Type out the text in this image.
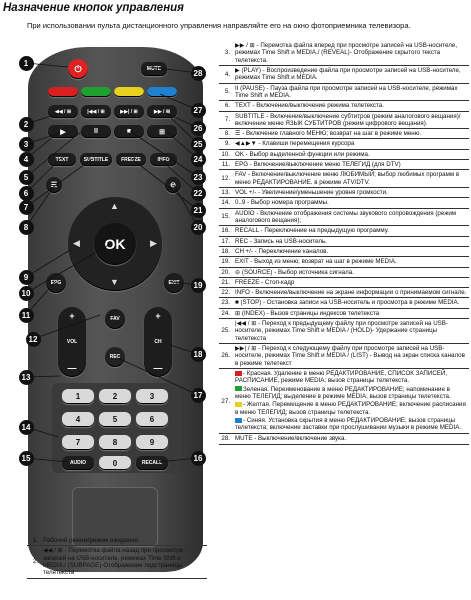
Назначение кнопок управления
При использовании пульта дистанционного управления направляйте его на окно фотоприемника телевизора.
⏻	MUTE
◀◀ / ⊞	|◀◀ / ⊞	▶▶| / ⊞	▶▶ / ⊞
▶	II	■	⊞
TEXT	SUBTITLE	FREEZE	INFO
☰	⊖
▲
▼
◀	▶
OK
EPG	EXIT
+
VOL
—
FAV	+
CH
—
REC
1	2	3
4	5	6
7	8	9
AUDIO	0	RECALL
1
2
3
4
5
6
7
8
9
10
11
12
13
14
15	16
17
18
19
20
21
22
23
24
25
26
27
28
3.	▶▶ / ⊞ - Перемотка файла вперед при просмотре записей на USB-носителе, режимах Time Shift и MEDIA./ (REVEAL)- Отображение скрытого текста телетекста.
4.	▶ (PLAY) - Воспроизведение файла при просмотре записей на USB-носителе, режимах Time Shift и MEDIA.
5.	II (PAUSE) - Пауза файла при просмотре записей на USB-носителе, режимах Time Shift и MEDIA.
6.	TEXT - Включение/выключение режима телетекста.
7.	SUBTITLE - Включение/выключение субтитров (режим аналогового вещания)/ включение меню ЯЗЫК СУБТИТРОВ (режим цифрового вещания).
8.	☰ - Включение главного МЕНЮ; возврат на шаг в режиме меню.
9.	◀▲▶▼ - Клавиши перемещения курсора
10.	OK - Выбор выделенной функции или режима.
11.	EPG - Включение/выключение меню ТЕЛЕГИД (для DTV)
12.	FAV - Включение/выключение меню ЛЮБИМЫЙ; выбор любимых программ в меню РЕДАКТИРОВАНИЕ. в режиме ATV/DTV.
13.	VOL +/- - Увеличение/уменьшение уровня громкости.
14.	0..9 - Выбор номера программы.
15.	AUDIO - Включение отображения системы звукового сопровождения (режим аналогового вещания);
16.	RECALL - Переключение на предыдущую программу.
17.	REC - Запись на USB-носитель.
18.	CH +/- - Переключение каналов.
19.	EXIT - Выход из меню; возврат на шаг в режиме MEDIA.
20.	⊖ (SOURCE) - Выбор источника сигнала.
21.	FREEZE - Стоп-кадр
22.	INFO - Включение/выключение на экране информации о принимаемом сигнале.
23.	■ (STOP) - Остановка записи на USB-носитель и просмотра в режиме MEDIA.
24.	⊞ (INDEX) - Вызов страницы индексов телетекста
25.	|◀◀ / ⊞ - Переход к предыдущему файлу при просмотре записей на USB-носителе, режимах Time Shift и MEDIA / (HOLD)- Удержание страницы телетекста
26.	▶▶| / ⊞ - Переход к следующему файлу при просмотре записей на USB-носителе, режимах Time Shift и MEDIA / (LIST) - Вывод на экран списка каналов в режиме телетекст
27.	- Красная. Удаление в меню РЕДАКТИРОВАНИЕ, СПИСОК ЗАПИСЕЙ, РАСПИСАНИЕ, режиме MEDIA; вызов страницы телетекста.
Зеленая. Переименование в меню РЕДАКТИРОВАНИЕ; напоминание в меню ТЕЛЕГИД; выделение в режиме MEDIA; вызов страницы телетекста.
- Желтая. Перемещение в меню РЕДАКТИРОВАНИЕ; включение расписания в меню ТЕЛЕГИД; вызов страницы телетекста.
- Синяя. Установка скрытия в меню РЕДАКТИРОВАНИЕ; вызов страницы телетекста; включение заставки при прослушивании музыки в режиме MEDIA.

28.	MUTE - Выключение/включение звука.
1.	Рабочий режим/режим ожидания.
2.	◀◀ / ⊞ - Перемотка файла назад при просмотре записей на USB-носителе, режимах Time Shift и MEDIA./ (SUBPAGE)-Отображение подстраницы телетекста
